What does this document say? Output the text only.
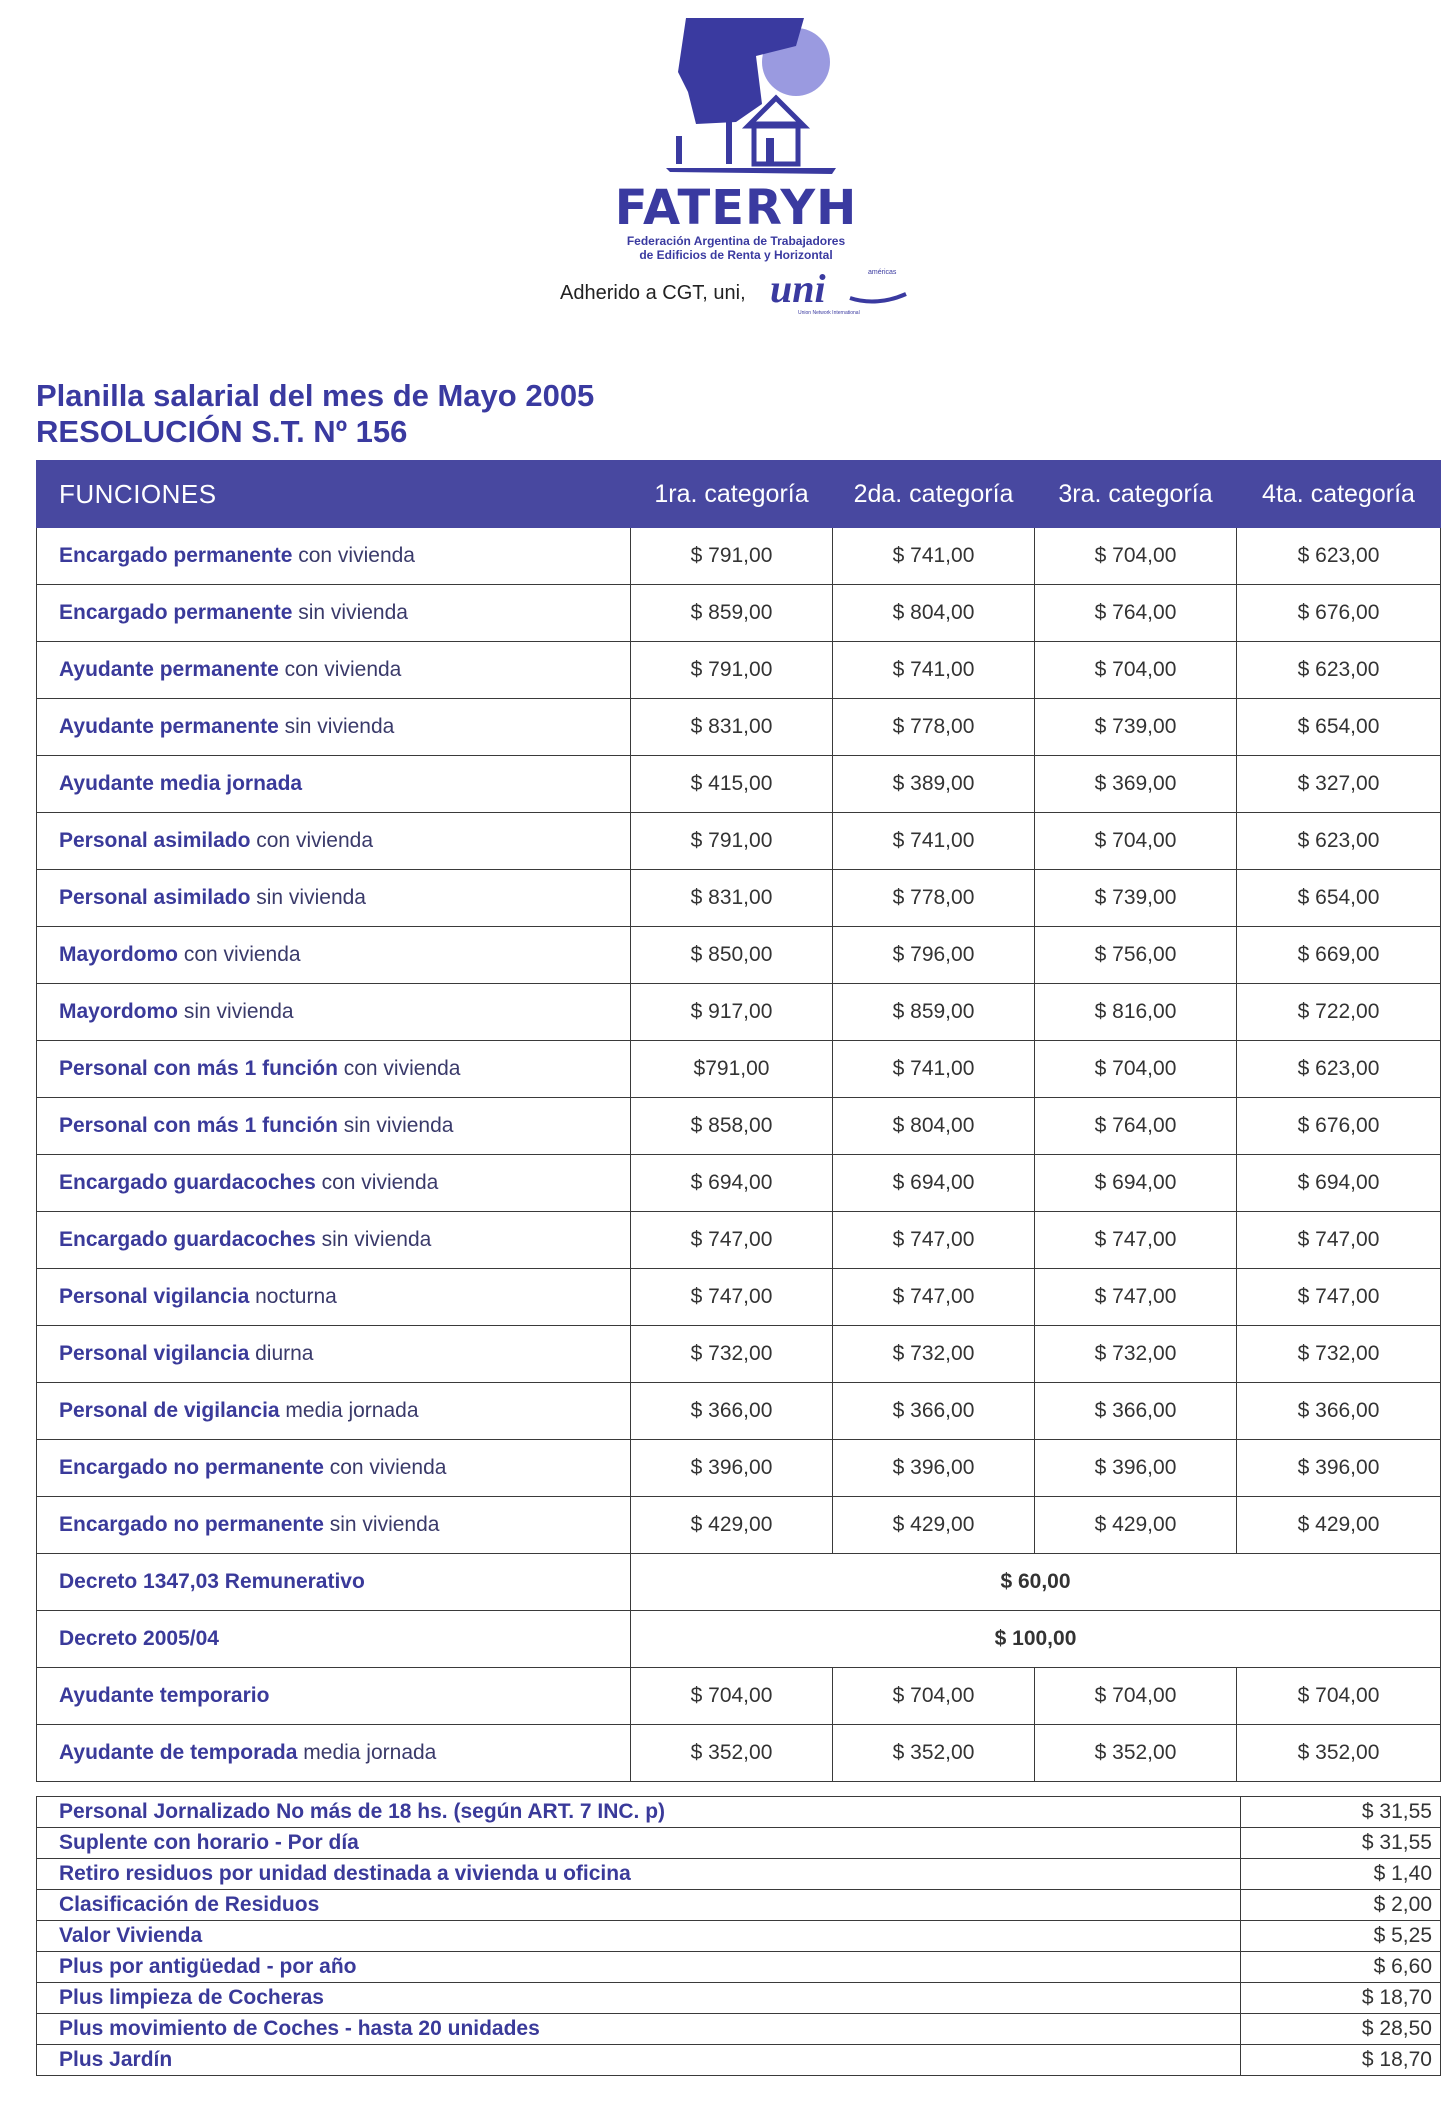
FATERYH
Federación Argentina de Trabajadores
de Edificios de Renta y Horizontal
Adherido a CGT, uni,
américas
uni
Union Network International
Planilla salarial del mes de Mayo 2005
RESOLUCIÓN S.T. Nº 156
FUNCIONES	1ra. categoría	2da. categoría	3ra. categoría	4ta. categoría
Encargado permanente con vivienda	$ 791,00	$ 741,00	$ 704,00	$ 623,00
Encargado permanente sin vivienda	$ 859,00	$ 804,00	$ 764,00	$ 676,00
Ayudante permanente con vivienda	$ 791,00	$ 741,00	$ 704,00	$ 623,00
Ayudante permanente sin vivienda	$ 831,00	$ 778,00	$ 739,00	$ 654,00
Ayudante media jornada	$ 415,00	$ 389,00	$ 369,00	$ 327,00
Personal asimilado con vivienda	$ 791,00	$ 741,00	$ 704,00	$ 623,00
Personal asimilado sin vivienda	$ 831,00	$ 778,00	$ 739,00	$ 654,00
Mayordomo con vivienda	$ 850,00	$ 796,00	$ 756,00	$ 669,00
Mayordomo sin vivienda	$ 917,00	$ 859,00	$ 816,00	$ 722,00
Personal con más 1 función con vivienda	$791,00	$ 741,00	$ 704,00	$ 623,00
Personal con más 1 función sin vivienda	$ 858,00	$ 804,00	$ 764,00	$ 676,00
Encargado guardacoches con vivienda	$ 694,00	$ 694,00	$ 694,00	$ 694,00
Encargado guardacoches sin vivienda	$ 747,00	$ 747,00	$ 747,00	$ 747,00
Personal vigilancia nocturna	$ 747,00	$ 747,00	$ 747,00	$ 747,00
Personal vigilancia diurna	$ 732,00	$ 732,00	$ 732,00	$ 732,00
Personal de vigilancia media jornada	$ 366,00	$ 366,00	$ 366,00	$ 366,00
Encargado no permanente con vivienda	$ 396,00	$ 396,00	$ 396,00	$ 396,00
Encargado no permanente sin vivienda	$ 429,00	$ 429,00	$ 429,00	$ 429,00
Decreto 1347,03 Remunerativo	$ 60,00			
Decreto 2005/04	$ 100,00			
Ayudante temporario	$ 704,00	$ 704,00	$ 704,00	$ 704,00
Ayudante de temporada media jornada	$ 352,00	$ 352,00	$ 352,00	$ 352,00
Personal Jornalizado No más de 18 hs. (según ART. 7 INC. p)	$ 31,55
Suplente con horario - Por día	$ 31,55
Retiro residuos por unidad destinada a vivienda u oficina	$ 1,40
Clasificación de Residuos	$ 2,00
Valor Vivienda	$ 5,25
Plus por antigüedad - por año	$ 6,60
Plus limpieza de Cocheras	$ 18,70
Plus movimiento de Coches - hasta 20 unidades	$ 28,50
Plus Jardín	$ 18,70
